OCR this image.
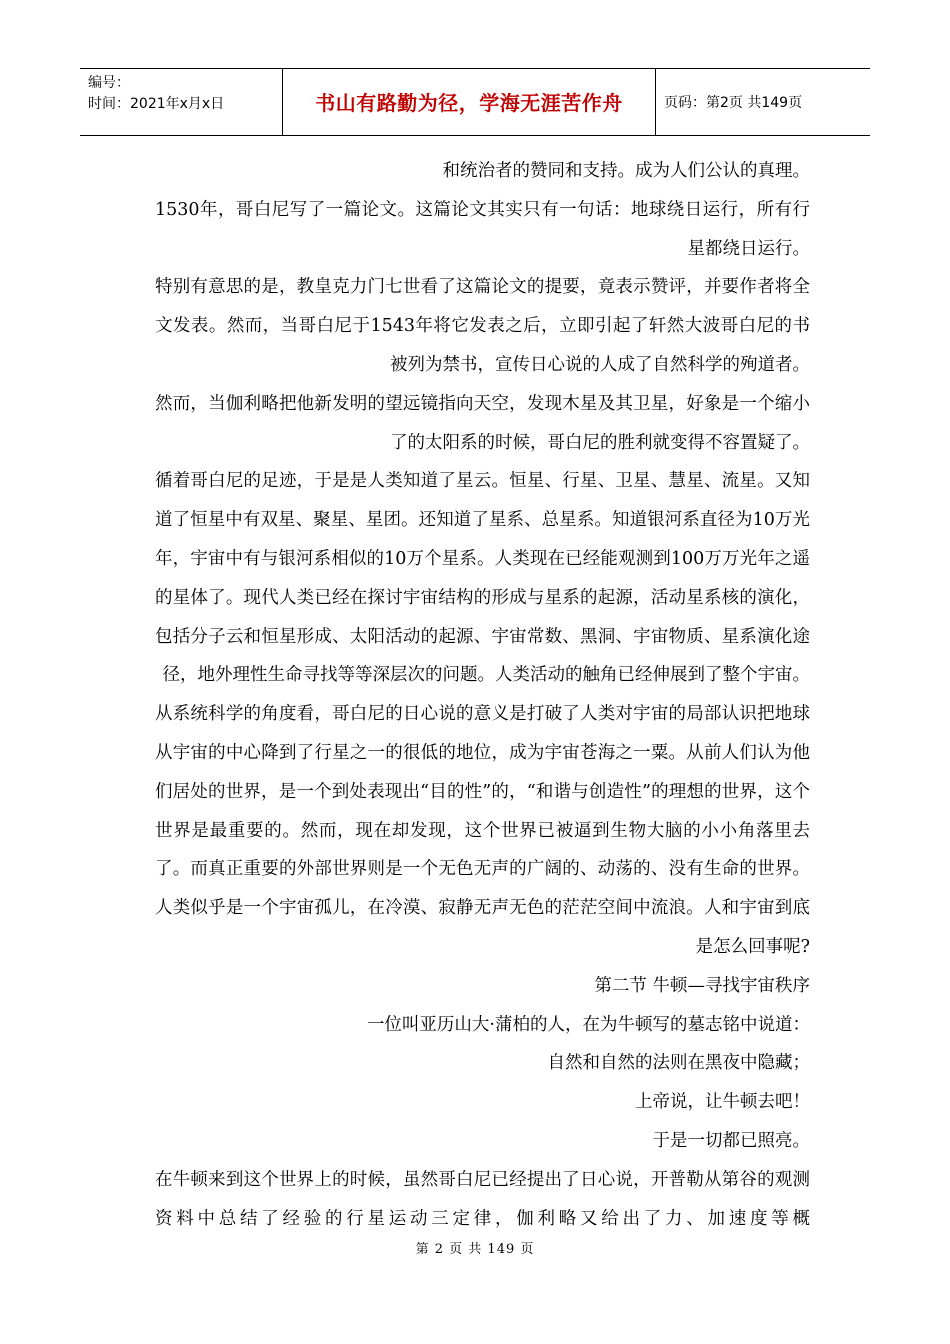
编号：
时间：2021年x月x日	书山有路勤为径，学海无涯苦作舟	页码：第2页 共149页

和统治者的赞同和支持。成为人们公认的真理。

1530年，哥白尼写了一篇论文。这篇论文其实只有一句话：地球绕日运行，所有行星都绕日运行。

特别有意思的是，教皇克力门七世看了这篇论文的提要，竟表示赞评，并要作者将全文发表。然而，当哥白尼于1543年将它发表之后，立即引起了轩然大波哥白尼的书被列为禁书，宣传日心说的人成了自然科学的殉道者。

然而，当伽利略把他新发明的望远镜指向天空，发现木星及其卫星，好象是一个缩小了的太阳系的时候，哥白尼的胜利就变得不容置疑了。

循着哥白尼的足迹，于是是人类知道了星云。恒星、行星、卫星、慧星、流星。又知道了恒星中有双星、聚星、星团。还知道了星系、总星系。知道银河系直径为10万光年，宇宙中有与银河系相似的10万个星系。人类现在已经能观测到100万万光年之遥的星体了。现代人类已经在探讨宇宙结构的形成与星系的起源，活动星系核的演化，包括分子云和恒星形成、太阳活动的起源、宇宙常数、黑洞、宇宙物质、星系演化途径，地外理性生命寻找等等深层次的问题。人类活动的触角已经伸展到了整个宇宙。

从系统科学的角度看，哥白尼的日心说的意义是打破了人类对宇宙的局部认识把地球从宇宙的中心降到了行星之一的很低的地位，成为宇宙苍海之一粟。从前人们认为他们居处的世界，是一个到处表现出“目的性”的，“和谐与创造性”的理想的世界，这个世界是最重要的。然而，现在却发现，这个世界已被逼到生物大脑的小小角落里去了。而真正重要的外部世界则是一个无色无声的广阔的、动荡的、没有生命的世界。人类似乎是一个宇宙孤儿，在冷漠、寂静无声无色的茫茫空间中流浪。人和宇宙到底是怎么回事呢?

第二节 牛顿—寻找宇宙秩序

一位叫亚历山大·蒲柏的人，在为牛顿写的墓志铭中说道：

自然和自然的法则在黑夜中隐藏；

上帝说，让牛顿去吧！

于是一切都已照亮。

在牛顿来到这个世界上的时候，虽然哥白尼已经提出了日心说，开普勒从第谷的观测资料中总结了经验的行星运动三定律，伽利略又给出了力、加速度等概

第 2 页 共 149 页
